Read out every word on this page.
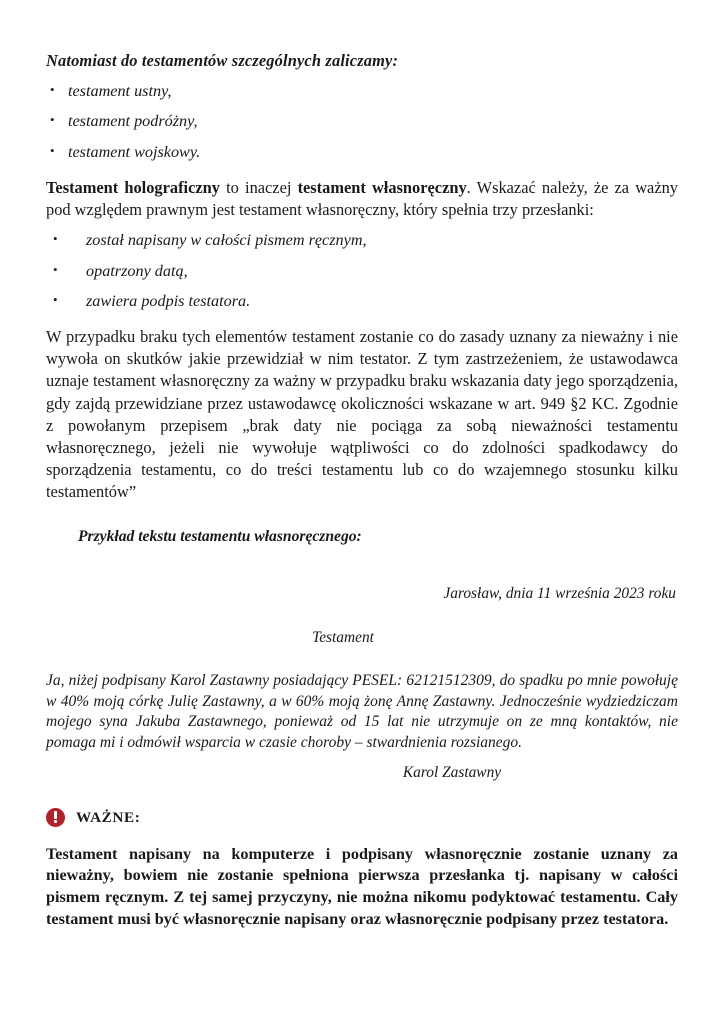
Natomiast do testamentów szczególnych zaliczamy:

• testament ustny,
• testament podróżny,
• testament wojskowy.

Testament holograficzny to inaczej testament własnoręczny. Wskazać należy, że za ważny pod względem prawnym jest testament własnoręczny, który spełnia trzy przesłanki:

• został napisany w całości pismem ręcznym,
• opatrzony datą,
• zawiera podpis testatora.

W przypadku braku tych elementów testament zostanie co do zasady uznany za nieważny i nie wywoła on skutków jakie przewidział w nim testator. Z tym zastrzeżeniem, że ustawodawca uznaje testament własnoręczny za ważny w przypadku braku wskazania daty jego sporządzenia, gdy zajdą przewidziane przez ustawodawcę okoliczności wskazane w art. 949 §2 KC. Zgodnie z powołanym przepisem „brak daty nie pociąga za sobą nieważności testamentu własnoręcznego, jeżeli nie wywołuje wątpliwości co do zdolności spadkodawcy do sporządzenia testamentu, co do treści testamentu lub co do wzajemnego stosunku kilku testamentów”

Przykład tekstu testamentu własnoręcznego:

Jarosław, dnia 11 września 2023 roku

Testament

Ja, niżej podpisany Karol Zastawny posiadający PESEL: 62121512309, do spadku po mnie powołuję w 40% moją córkę Julię Zastawny, a w 60% moją żonę Annę Zastawny. Jednocześnie wydziedziczam mojego syna Jakuba Zastawnego, ponieważ od 15 lat nie utrzymuje on ze mną kontaktów, nie pomaga mi i odmówił wsparcia w czasie choroby – stwardnienia rozsianego.

Karol Zastawny

WAŻNE:

Testament napisany na komputerze i podpisany własnoręcznie zostanie uznany za nieważny, bowiem nie zostanie spełniona pierwsza przesłanka tj. napisany w całości pismem ręcznym. Z tej samej przyczyny, nie można nikomu podyktować testamentu. Cały testament musi być własnoręcznie napisany oraz własnoręcznie podpisany przez testatora.
